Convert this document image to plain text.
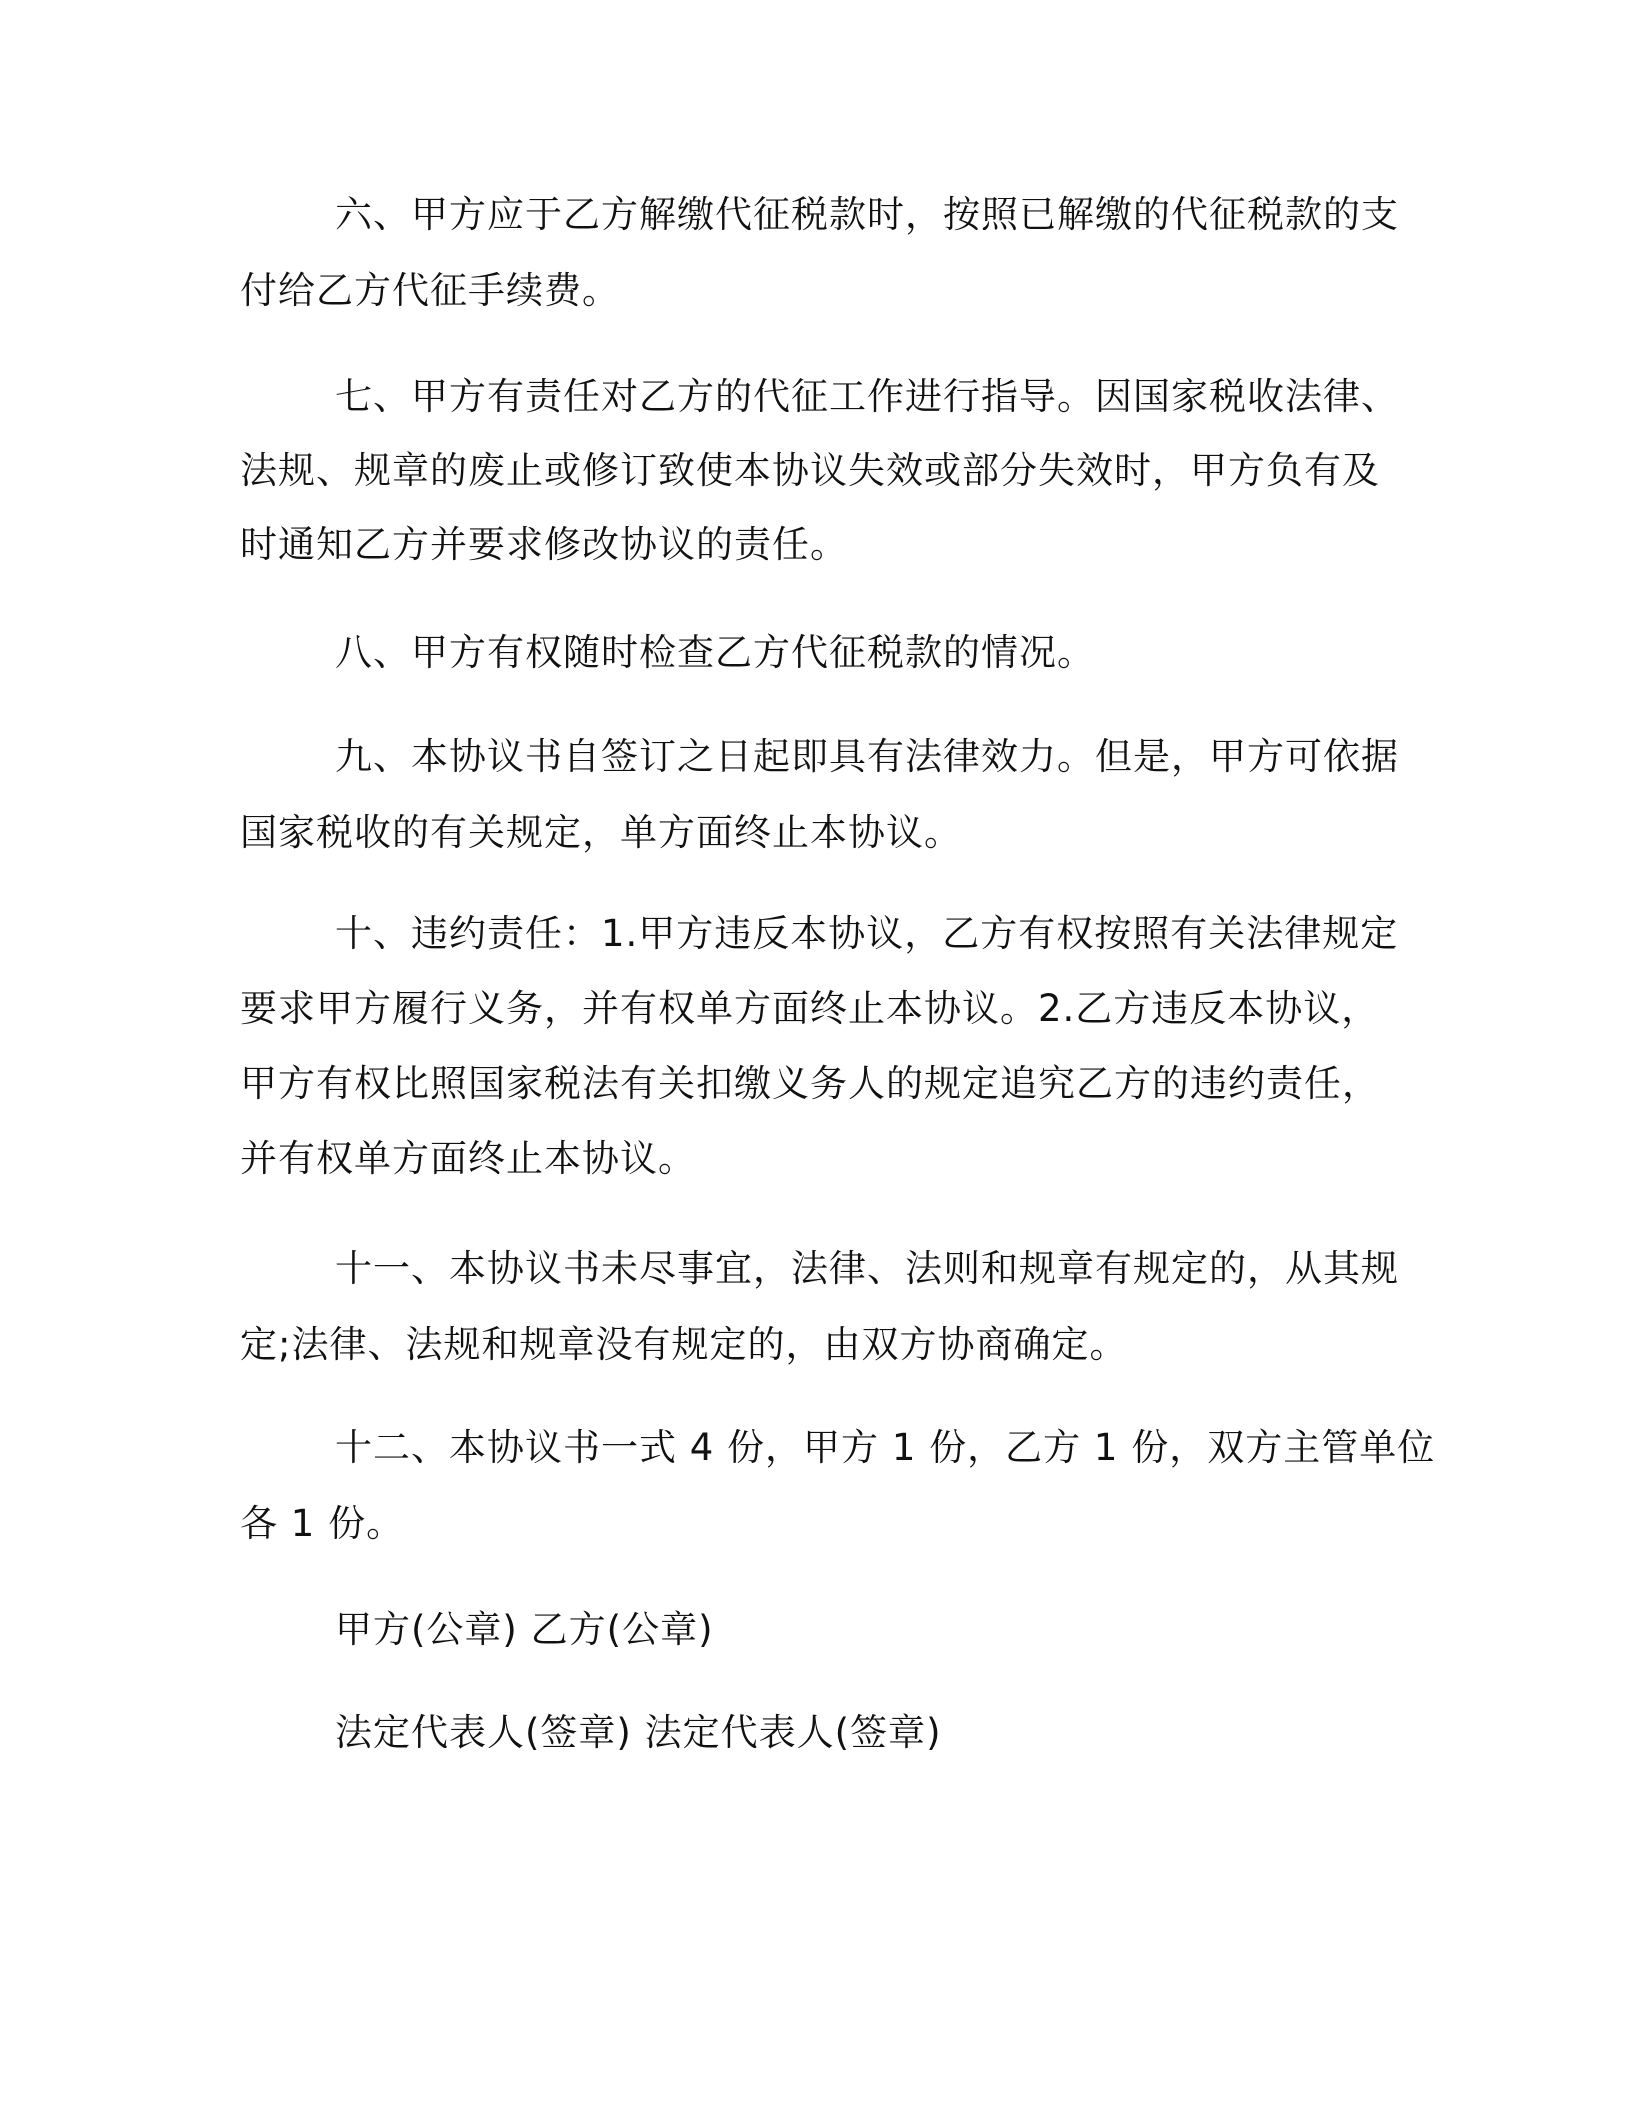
六、甲方应于乙方解缴代征税款时，按照已解缴的代征税款的支
付给乙方代征手续费。
七、甲方有责任对乙方的代征工作进行指导。因国家税收法律、
法规、规章的废止或修订致使本协议失效或部分失效时，甲方负有及
时通知乙方并要求修改协议的责任。
八、甲方有权随时检查乙方代征税款的情况。
九、本协议书自签订之日起即具有法律效力。但是，甲方可依据
国家税收的有关规定，单方面终止本协议。
十、违约责任：1.甲方违反本协议，乙方有权按照有关法律规定
要求甲方履行义务，并有权单方面终止本协议。2.乙方违反本协议，
甲方有权比照国家税法有关扣缴义务人的规定追究乙方的违约责任，
并有权单方面终止本协议。
十一、本协议书未尽事宜，法律、法则和规章有规定的，从其规
定;法律、法规和规章没有规定的，由双方协商确定。
十二、本协议书一式 4 份，甲方 1 份，乙方 1 份，双方主管单位
各 1 份。
甲方(公章) 乙方(公章)
法定代表人(签章) 法定代表人(签章)
